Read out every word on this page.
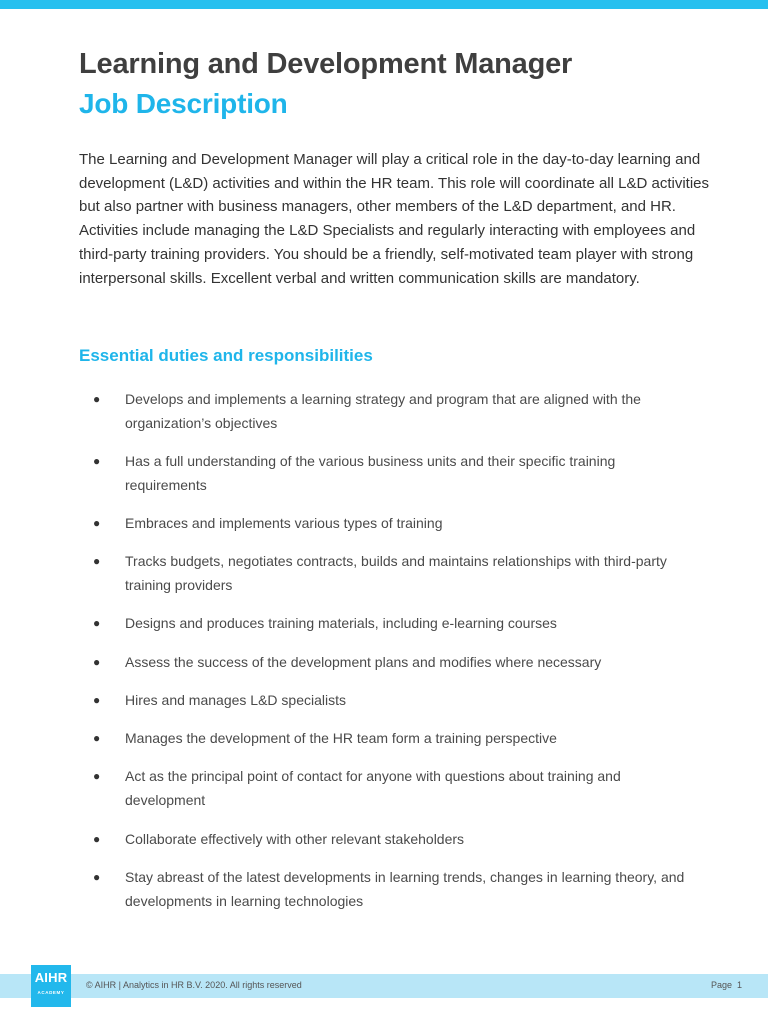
Learning and Development Manager
Job Description

The Learning and Development Manager will play a critical role in the day-to-day learning and development (L&D) activities and within the HR team. This role will coordinate all L&D activities but also partner with business managers, other members of the L&D department, and HR. Activities include managing the L&D Specialists and regularly interacting with employees and third-party training providers. You should be a friendly, self-motivated team player with strong interpersonal skills. Excellent verbal and written communication skills are mandatory.

Essential duties and responsibilities
● Develops and implements a learning strategy and program that are aligned with the organization’s objectives
● Has a full understanding of the various business units and their specific training requirements
● Embraces and implements various types of training
● Tracks budgets, negotiates contracts, builds and maintains relationships with third-party training providers
● Designs and produces training materials, including e-learning courses
● Assess the success of the development plans and modifies where necessary
● Hires and manages L&D specialists
● Manages the development of the HR team form a training perspective
● Act as the principal point of contact for anyone with questions about training and development
● Collaborate effectively with other relevant stakeholders
● Stay abreast of the latest developments in learning trends, changes in learning theory, and developments in learning technologies
AIHR
ACADEMY
© AIHR | Analytics in HR B.V. 2020. All rights reserved	Page 1
